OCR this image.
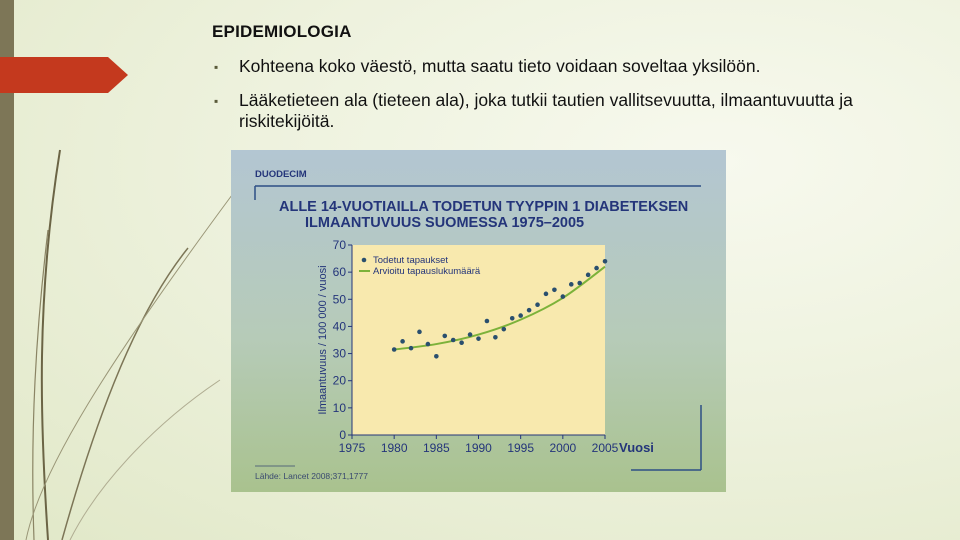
EPIDEMIOLOGIA
▪ Kohteena koko väestö, mutta saatu tieto voidaan soveltaa yksilöön.
▪ Lääketieteen ala (tieteen ala), joka tutkii tautien vallitsevuutta, ilmaantuvuutta ja riskitekijöitä.
DUODECIM
ALLE 14-VUOTIAILLA TODETUN TYYPPIN 1 DIABETEKSEN
ILMAANTUVUUS SUOMESSA 1975–2005
0
10
20
30
40
50
60
70
1975 1980 1985 1990 1995 2000 2005
Todetut tapaukset
Arvioitu tapauslukumäärä
Ilmaantuvuus / 100 000 / vuosi
Vuosi
Lähde: Lancet 2008;371,1777
